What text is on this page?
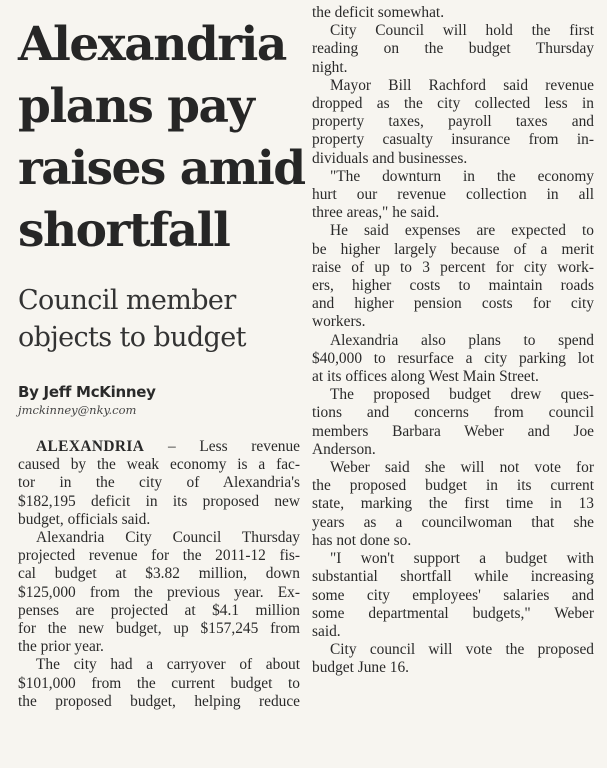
Alexandria
plans pay
raises amid
shortfall
Council member
objects to budget
By Jeff McKinney
jmckinney@nky.com

ALEXANDRIA – Less revenue
caused by the weak economy is a fac-
tor in the city of Alexandria's
$182,195 deficit in its proposed new
budget, officials said.

Alexandria City Council Thursday
projected revenue for the 2011-12 fis-
cal budget at $3.82 million, down
$125,000 from the previous year. Ex-
penses are projected at $4.1 million
for the new budget, up $157,245 from
the prior year.

The city had a carryover of about
$101,000 from the current budget to
the proposed budget, helping reduce

the deficit somewhat.

City Council will hold the first
reading on the budget Thursday
night.

Mayor Bill Rachford said revenue
dropped as the city collected less in
property taxes, payroll taxes and
property casualty insurance from in-
dividuals and businesses.

"The downturn in the economy
hurt our revenue collection in all
three areas," he said.

He said expenses are expected to
be higher largely because of a merit
raise of up to 3 percent for city work-
ers, higher costs to maintain roads
and higher pension costs for city
workers.

Alexandria also plans to spend
$40,000 to resurface a city parking lot
at its offices along West Main Street.

The proposed budget drew ques-
tions and concerns from council
members Barbara Weber and Joe
Anderson.

Weber said she will not vote for
the proposed budget in its current
state, marking the first time in 13
years as a councilwoman that she
has not done so.

"I won't support a budget with
substantial shortfall while increasing
some city employees' salaries and
some departmental budgets," Weber
said.

City council will vote the proposed
budget June 16.
